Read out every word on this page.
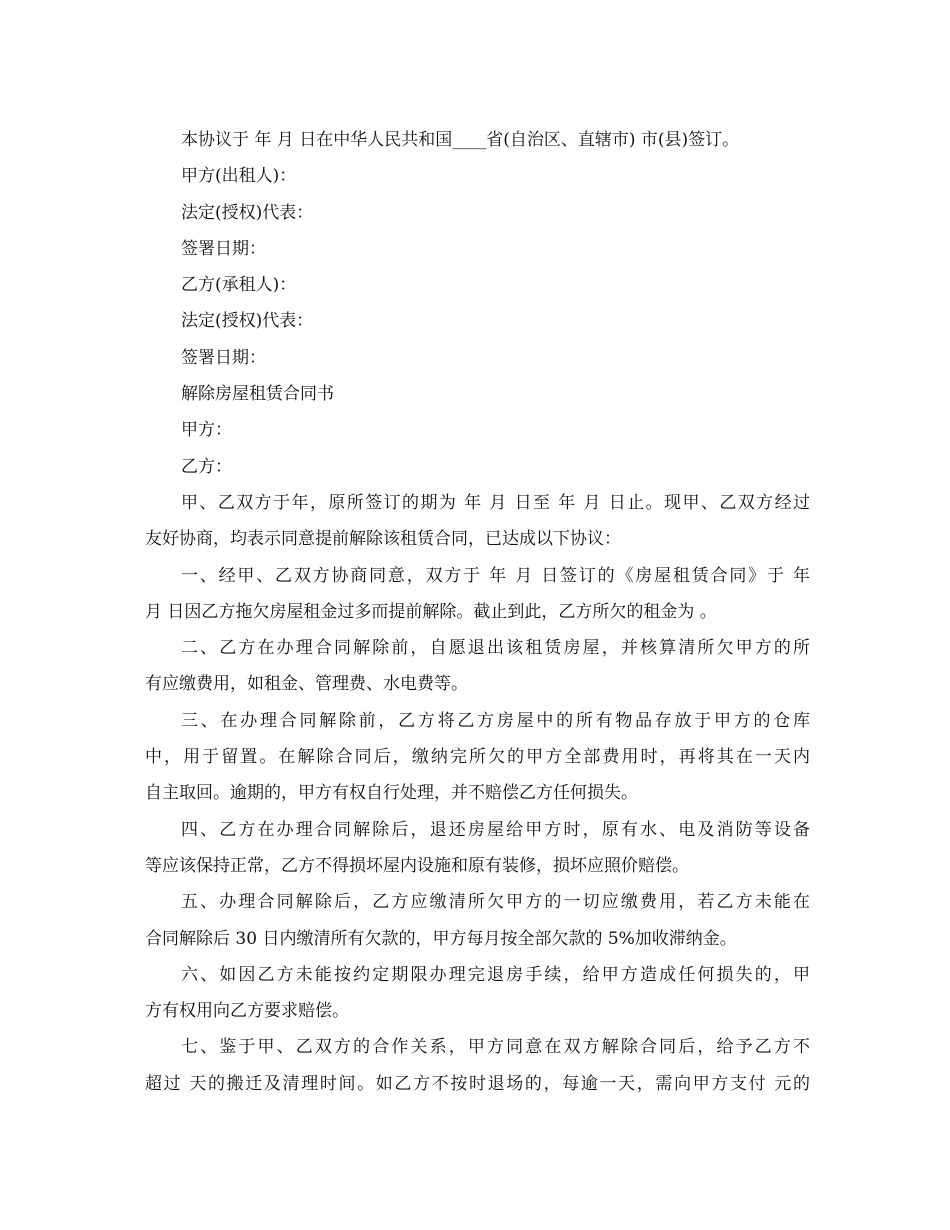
本协议于 年 月 日在中华人民共和国____省(自治区、直辖市) 市(县)签订。

甲方(出租人)：

法定(授权)代表：

签署日期：

乙方(承租人)：

法定(授权)代表：

签署日期：

解除房屋租赁合同书

甲方：

乙方：

甲、乙双方于年，原所签订的期为 年 月 日至 年 月 日止。现甲、乙双方经过

友好协商，均表示同意提前解除该租赁合同，已达成以下协议：

一、经甲、乙双方协商同意，双方于 年 月 日签订的《房屋租赁合同》于 年

月 日因乙方拖欠房屋租金过多而提前解除。截止到此，乙方所欠的租金为 。

二、乙方在办理合同解除前，自愿退出该租赁房屋，并核算清所欠甲方的所

有应缴费用，如租金、管理费、水电费等。

三、在办理合同解除前，乙方将乙方房屋中的所有物品存放于甲方的仓库

中，用于留置。在解除合同后，缴纳完所欠的甲方全部费用时，再将其在一天内

自主取回。逾期的，甲方有权自行处理，并不赔偿乙方任何损失。

四、乙方在办理合同解除后，退还房屋给甲方时，原有水、电及消防等设备

等应该保持正常，乙方不得损坏屋内设施和原有装修，损坏应照价赔偿。

五、办理合同解除后，乙方应缴清所欠甲方的一切应缴费用，若乙方未能在

合同解除后 30 日内缴清所有欠款的，甲方每月按全部欠款的 5%加收滞纳金。

六、如因乙方未能按约定期限办理完退房手续，给甲方造成任何损失的，甲

方有权用向乙方要求赔偿。

七、鉴于甲、乙双方的合作关系，甲方同意在双方解除合同后，给予乙方不

超过 天的搬迁及清理时间。如乙方不按时退场的，每逾一天，需向甲方支付 元的
